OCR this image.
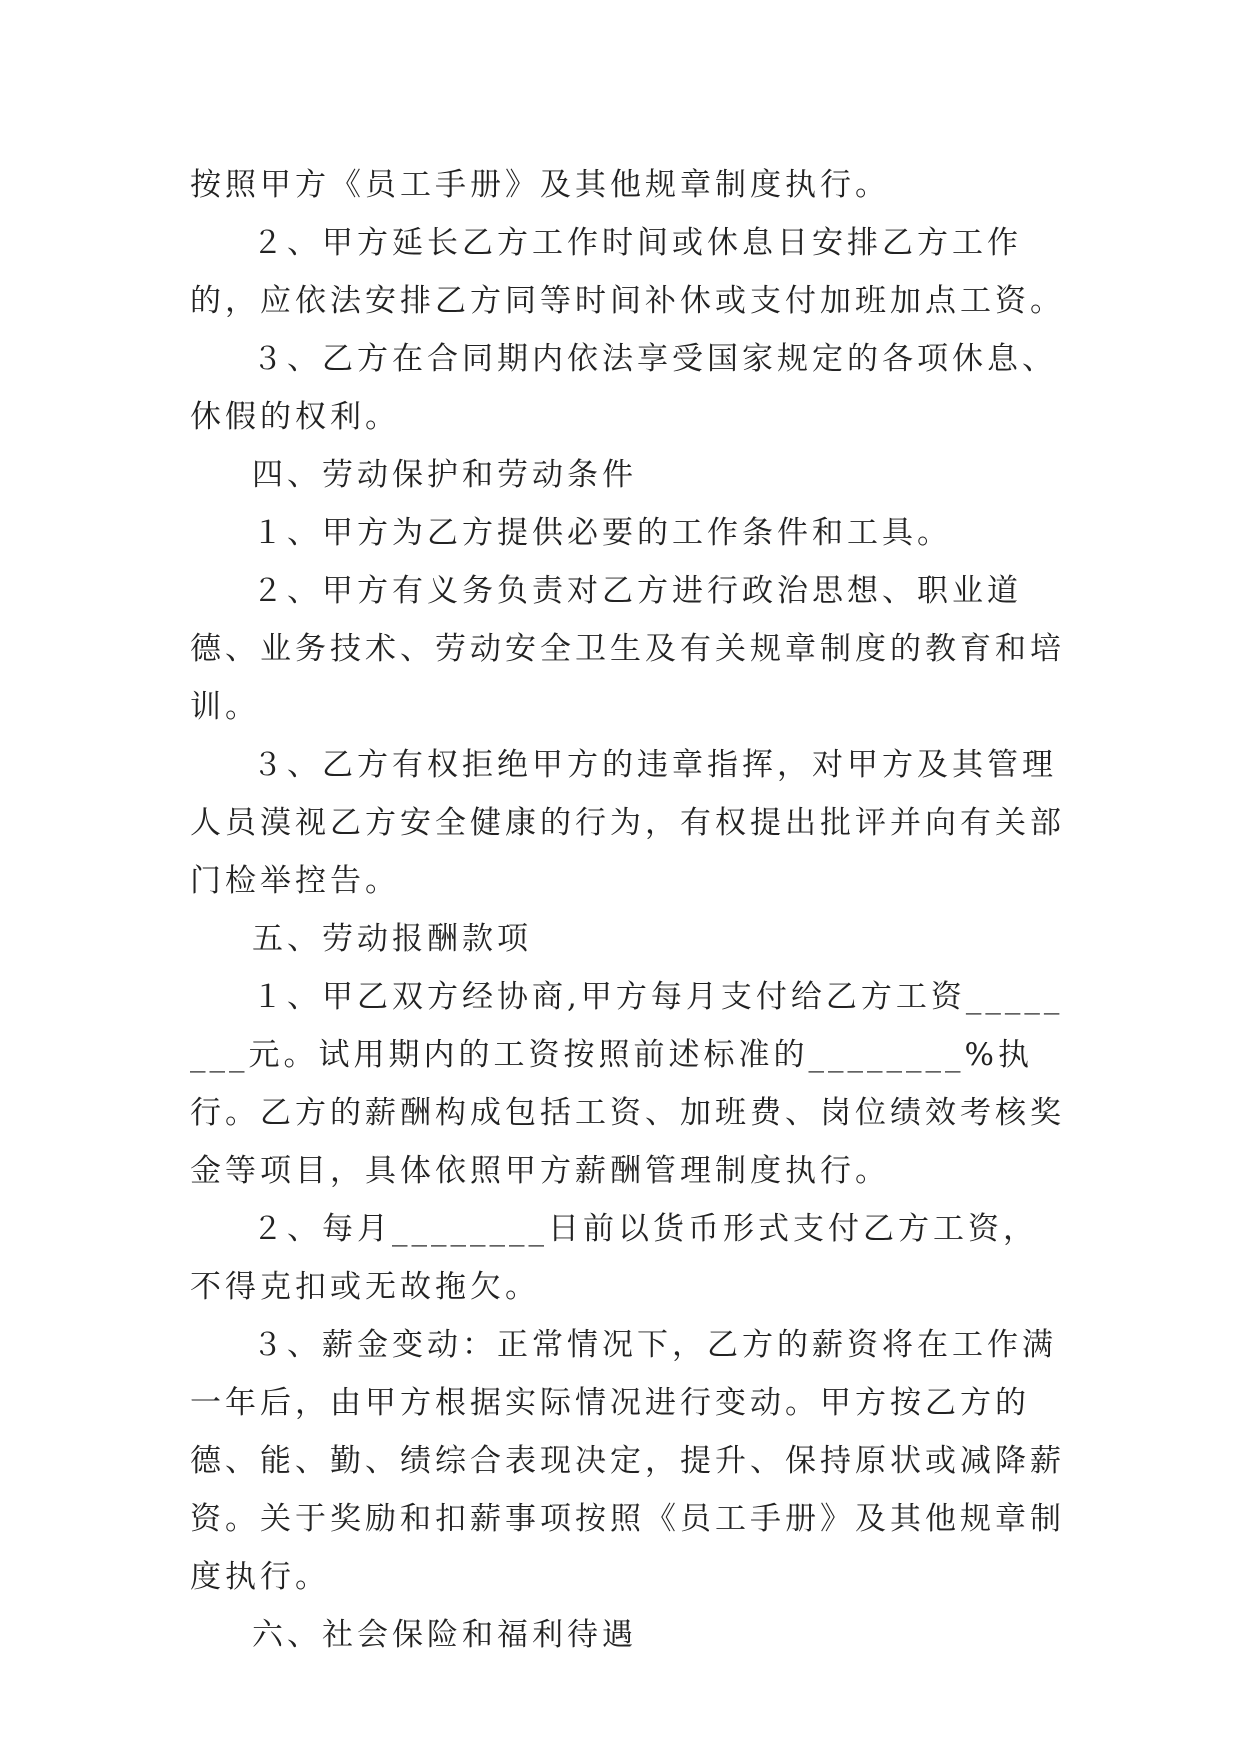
按照甲方《员工手册》及其他规章制度执行。

２、甲方延长乙方工作时间或休息日安排乙方工作的，应依法安排乙方同等时间补休或支付加班加点工资。

３、乙方在合同期内依法享受国家规定的各项休息、休假的权利。

四、劳动保护和劳动条件

１、甲方为乙方提供必要的工作条件和工具。

２、甲方有义务负责对乙方进行政治思想、职业道德、业务技术、劳动安全卫生及有关规章制度的教育和培训。

３、乙方有权拒绝甲方的违章指挥，对甲方及其管理人员漠视乙方安全健康的行为，有权提出批评并向有关部门检举控告。

五、劳动报酬款项

１、甲乙双方经协商,甲方每月支付给乙方工资________元。试用期内的工资按照前述标准的________%执行。乙方的薪酬构成包括工资、加班费、岗位绩效考核奖金等项目，具体依照甲方薪酬管理制度执行。

２、每月________日前以货币形式支付乙方工资，不得克扣或无故拖欠。

３、薪金变动：正常情况下，乙方的薪资将在工作满一年后，由甲方根据实际情况进行变动。甲方按乙方的德、能、勤、绩综合表现决定，提升、保持原状或减降薪资。关于奖励和扣薪事项按照《员工手册》及其他规章制度执行。

六、社会保险和福利待遇
